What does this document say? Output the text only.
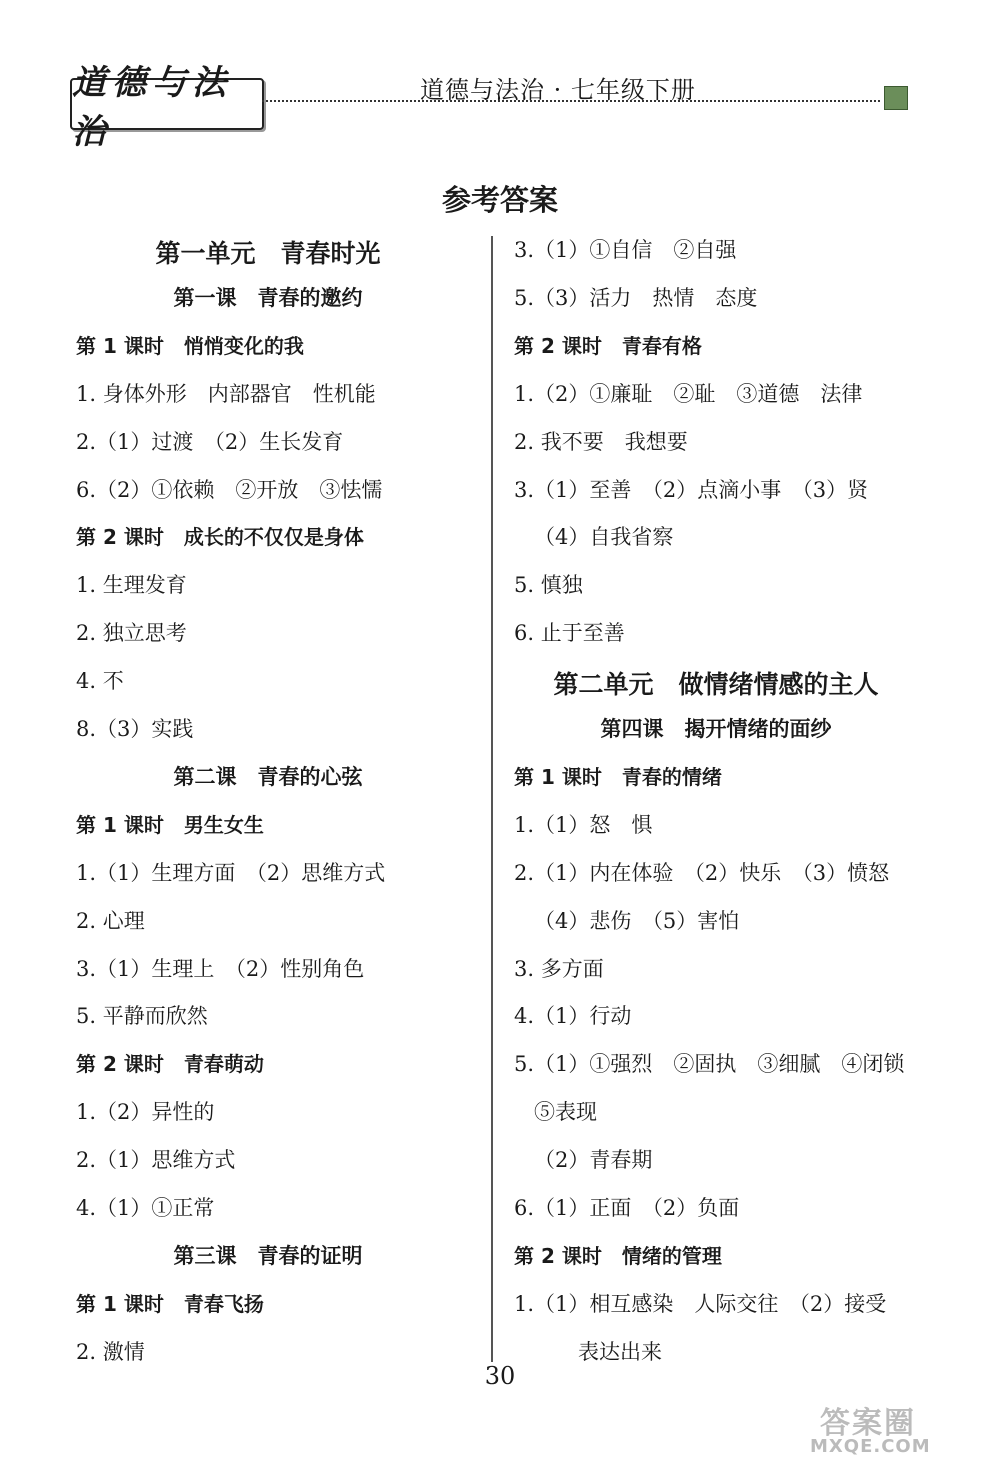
道德与法治
道德与法治 · 七年级下册
参考答案
第一单元　青春时光
第一课　青春的邀约
第 1 课时　悄悄变化的我
1. 身体外形　内部器官　性机能
2.（1）过渡　（2）生长发育
6.（2）①依赖　②开放　③怯懦
第 2 课时　成长的不仅仅是身体
1. 生理发育
2. 独立思考
4. 不
8.（3）实践
第二课　青春的心弦
第 1 课时　男生女生
1.（1）生理方面　（2）思维方式
2. 心理
3.（1）生理上　（2）性别角色
5. 平静而欣然
第 2 课时　青春萌动
1.（2）异性的
2.（1）思维方式
4.（1）①正常
第三课　青春的证明
第 1 课时　青春飞扬
2. 激情
3.（1）①自信　②自强
5.（3）活力　热情　态度
第 2 课时　青春有格
1.（2）①廉耻　②耻　③道德　法律
2. 我不要　我想要
3.（1）至善　（2）点滴小事　（3）贤
（4）自我省察
5. 慎独
6. 止于至善
第二单元　做情绪情感的主人
第四课　揭开情绪的面纱
第 1 课时　青春的情绪
1.（1）怒　惧
2.（1）内在体验　（2）快乐　（3）愤怒
（4）悲伤　（5）害怕
3. 多方面
4.（1）行动
5.（1）①强烈　②固执　③细腻　④闭锁
⑤表现
（2）青春期
6.（1）正面　（2）负面
第 2 课时　情绪的管理
1.（1）相互感染　人际交往　（2）接受
表达出来
30
答案圈
MXQE.COM
